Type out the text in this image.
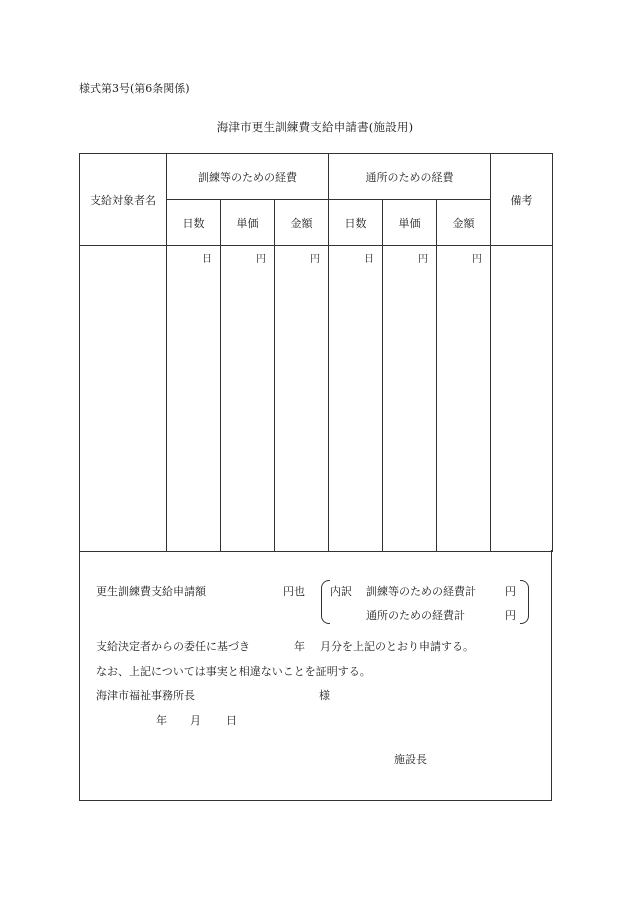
様式第3号(第6条関係)
海津市更生訓練費支給申請書(施設用)
支給対象者名	訓練等のための経費			通所のための経費			備考
	日数	単価	金額	日数	単価	金額	

	日	円	円	日	円	円	

更生訓練費支給申請額	円也 内訳 訓練等のための経費計	円
通所のための経費計	円
支給決定者からの委任に基づき	年 月分を上記のとおり申請する。
なお、上記については事実と相違ないことを証明する。
海津市福祉事務所長	様
年 月 日
施設長
